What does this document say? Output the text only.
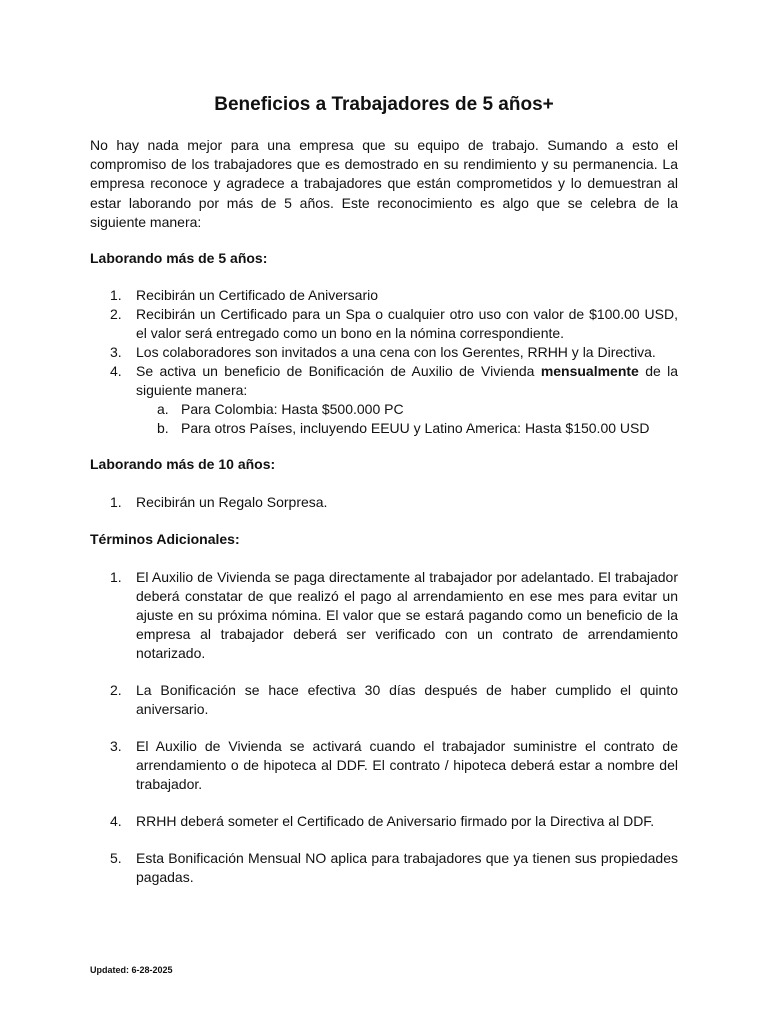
Beneficios a Trabajadores de 5 años+

No hay nada mejor para una empresa que su equipo de trabajo. Sumando a esto el compromiso de los trabajadores que es demostrado en su rendimiento y su permanencia. La empresa reconoce y agradece a trabajadores que están comprometidos y lo demuestran al estar laborando por más de 5 años. Este reconocimiento es algo que se celebra de la siguiente manera:

Laborando más de 5 años:

1. Recibirán un Certificado de Aniversario
2. Recibirán un Certificado para un Spa o cualquier otro uso con valor de $100.00 USD, el valor será entregado como un bono en la nómina correspondiente.
3. Los colaboradores son invitados a una cena con los Gerentes, RRHH y la Directiva.
4. Se activa un beneficio de Bonificación de Auxilio de Vivienda mensualmente de la siguiente manera:
a. Para Colombia: Hasta $500.000 PC
b. Para otros Países, incluyendo EEUU y Latino America: Hasta $150.00 USD

Laborando más de 10 años:

1. Recibirán un Regalo Sorpresa.

Términos Adicionales:

1. El Auxilio de Vivienda se paga directamente al trabajador por adelantado. El trabajador deberá constatar de que realizó el pago al arrendamiento en ese mes para evitar un ajuste en su próxima nómina. El valor que se estará pagando como un beneficio de la empresa al trabajador deberá ser verificado con un contrato de arrendamiento notarizado.
2. La Bonificación se hace efectiva 30 días después de haber cumplido el quinto aniversario.
3. El Auxilio de Vivienda se activará cuando el trabajador suministre el contrato de arrendamiento o de hipoteca al DDF. El contrato / hipoteca deberá estar a nombre del trabajador.
4. RRHH deberá someter el Certificado de Aniversario firmado por la Directiva al DDF.
5. Esta Bonificación Mensual NO aplica para trabajadores que ya tienen sus propiedades pagadas.

Updated: 6-28-2025
